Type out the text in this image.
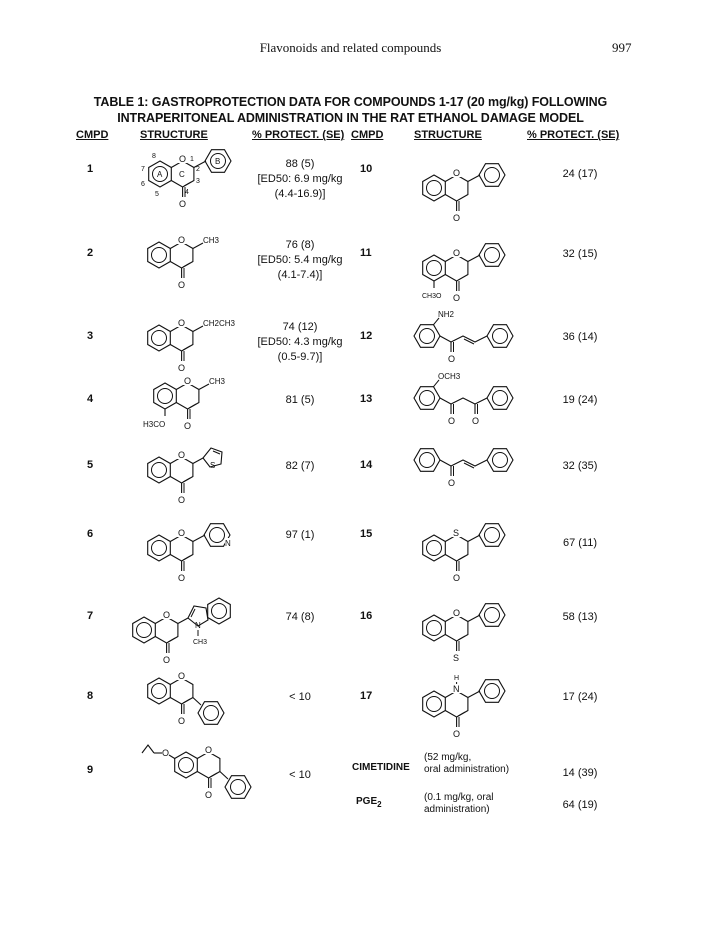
Flavonoids and related compounds	997
TABLE 1: GASTROPROTECTION DATA FOR COMPOUNDS 1-17 (20 mg/kg) FOLLOWING
INTRAPERITONEAL ADMINISTRATION IN THE RAT ETHANOL DAMAGE MODEL
CMPD	STRUCTURE	% PROTECT. (SE) CMPD	STRUCTURE	% PROTECT. (SE)
1
O
A C
B
8	1
2
3
4
5
6
7
O
88 (5)
[ED50: 6.9 mg/kg
(4.4-16.9)]
2
O CH3
O
76 (8)
[ED50: 5.4 mg/kg
(4.1-7.4)]
3
O CH2CH3
O
74 (12)
[ED50: 4.3 mg/kg
(0.5-9.7)]
4
O CH3
H3CO O
81 (5)
5
O
S
O
82 (7)
6	O
N
O
97 (1)
7	O
N
CH3
O
74 (8)
8
O
O
< 10
9
O	O
O
< 10
10	O
O
24 (17)
11	O
CH3O O
32 (15)
12
NH2
O
36 (14)
13
OCH3
O O
19 (24)
14
O
32 (35)
15	S
O
67 (11)
16	O
S
58 (13)
17
N
H
O
17 (24)
CIMETIDINE
(52 mg/kg,
oral administration)	14 (39)
$PGE_2$
(0.1 mg/kg, oral
administration)	64 (19)
